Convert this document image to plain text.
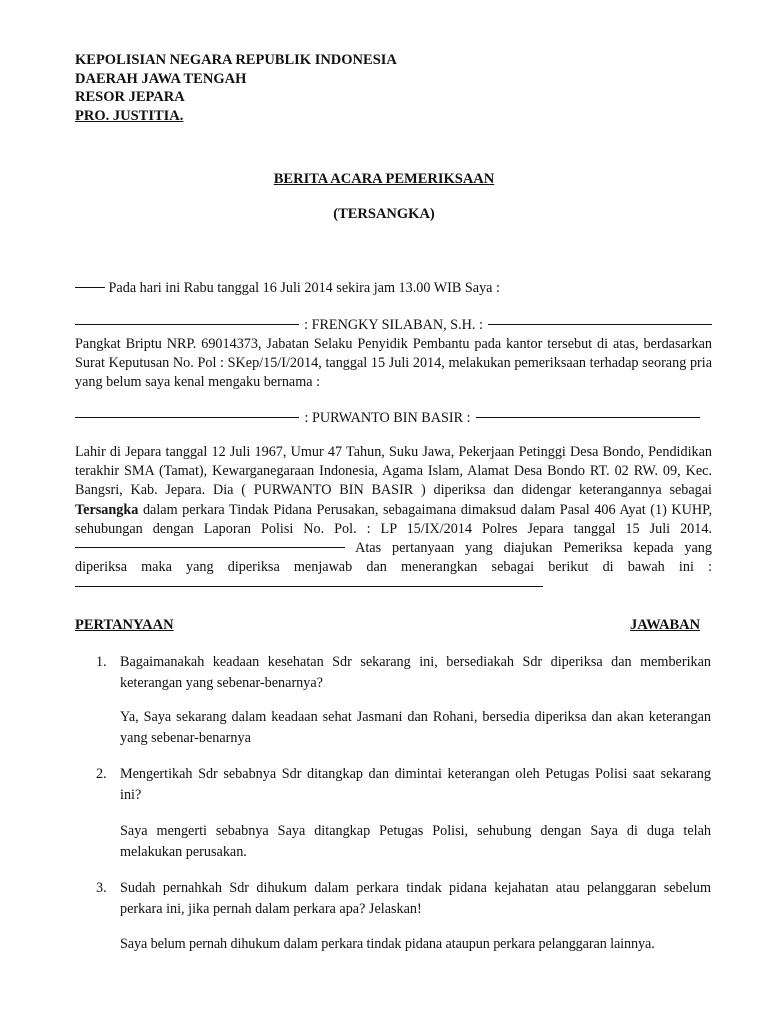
KEPOLISIAN NEGARA REPUBLIK INDONESIA
DAERAH JAWA TENGAH
RESOR JEPARA
PRO. JUSTITIA.
BERITA ACARA PEMERIKSAAN
(TERSANGKA)
Pada hari ini Rabu tanggal 16 Juli 2014 sekira jam 13.00 WIB Saya :
: FRENGKY SILABAN, S.H. :
Pangkat Briptu NRP. 69014373, Jabatan Selaku Penyidik Pembantu pada kantor tersebut di atas, berdasarkan Surat Keputusan No. Pol : SKep/15/I/2014, tanggal 15 Juli 2014, melakukan pemeriksaan terhadap seorang pria yang belum saya kenal mengaku bernama :
: PURWANTO BIN BASIR :
Lahir di Jepara tanggal 12 Juli 1967, Umur 47 Tahun, Suku Jawa, Pekerjaan Petinggi Desa Bondo, Pendidikan terakhir SMA (Tamat), Kewarganegaraan Indonesia, Agama Islam, Alamat Desa Bondo RT. 02 RW. 09, Kec. Bangsri, Kab. Jepara. Dia ( PURWANTO BIN BASIR ) diperiksa dan didengar keterangannya sebagai Tersangka dalam perkara Tindak Pidana Perusakan, sebagaimana dimaksud dalam Pasal 406 Ayat (1) KUHP, sehubungan dengan Laporan Polisi No. Pol. : LP 15/IX/2014 Polres Jepara tanggal 15 Juli 2014. Atas pertanyaan yang diajukan Pemeriksa kepada yang diperiksa maka yang diperiksa menjawab dan menerangkan sebagai berikut di bawah ini :
PERTANYAAN	JAWABAN
1. Bagaimanakah keadaan kesehatan Sdr sekarang ini, bersediakah Sdr diperiksa dan memberikan keterangan yang sebenar-benarnya?
Ya, Saya sekarang dalam keadaan sehat Jasmani dan Rohani, bersedia diperiksa dan akan keterangan yang sebenar-benarnya
2. Mengertikah Sdr sebabnya Sdr ditangkap dan dimintai keterangan oleh Petugas Polisi saat sekarang ini?
Saya mengerti sebabnya Saya ditangkap Petugas Polisi, sehubung dengan Saya di duga telah melakukan perusakan.
3. Sudah pernahkah Sdr dihukum dalam perkara tindak pidana kejahatan atau pelanggaran sebelum perkara ini, jika pernah dalam perkara apa? Jelaskan!
Saya belum pernah dihukum dalam perkara tindak pidana ataupun perkara pelanggaran lainnya.
